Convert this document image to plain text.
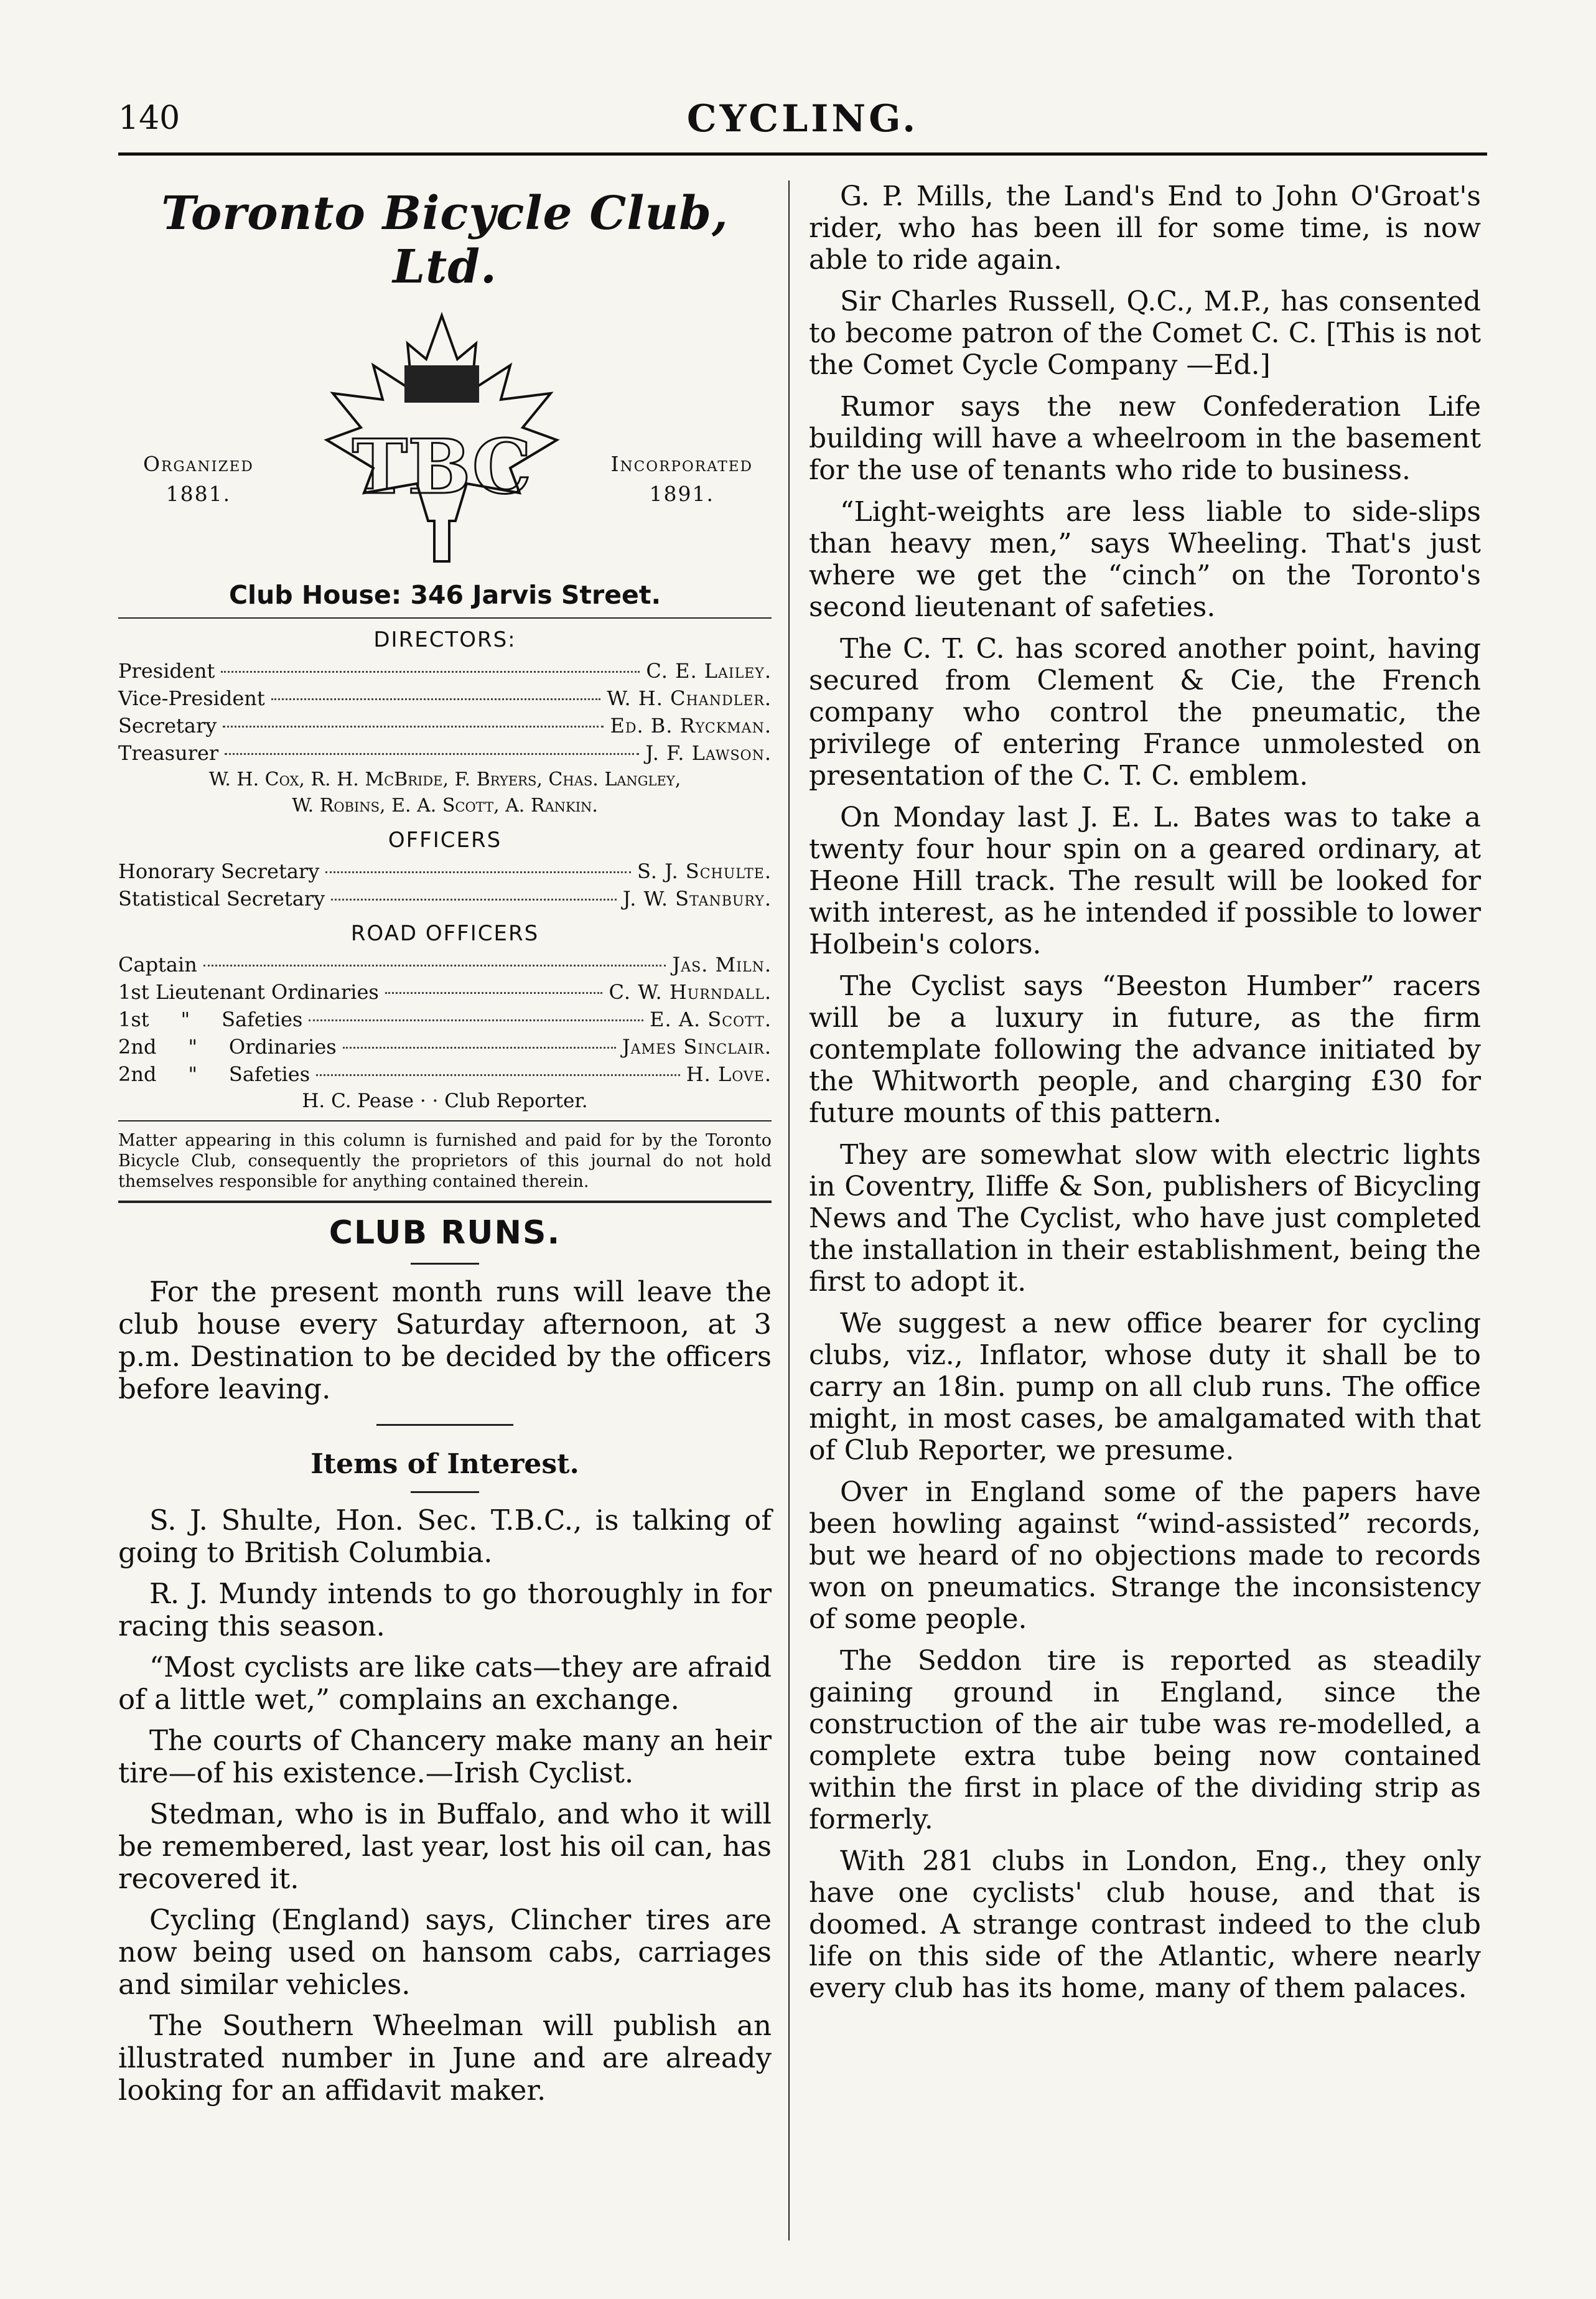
140	CYCLING.
Toronto Bicycle Club, Ltd.
Organized
1881.	TBC	Incorporated
1891.
Club House: 346 Jarvis Street.
DIRECTORS:
President	C. E. Lailey.
Vice-President	W. H. Chandler.
Secretary	Ed. B. Ryckman.
Treasurer	J. F. Lawson.
W. H. Cox, R. H. McBride, F. Bryers, Chas. Langley,
W. Robins, E. A. Scott, A. Rankin.
OFFICERS
Honorary Secretary	S. J. Schulte.
Statistical Secretary	J. W. Stanbury.
ROAD OFFICERS
Captain	Jas. Miln.
1st Lieutenant Ordinaries	C. W. Hurndall.
1st     "     Safeties	E. A. Scott.
2nd     "     Ordinaries	James Sinclair.
2nd     "     Safeties	H. Love.
H. C. Pease · · Club Reporter.
Matter appearing in this column is furnished and paid for by the Toronto Bicycle Club, consequently the proprietors of this journal do not hold themselves responsible for anything contained therein.
CLUB RUNS.

For the present month runs will leave the club house every Saturday afternoon, at 3 p.m. Destination to be decided by the officers before leaving.

Items of Interest.

S. J. Shulte, Hon. Sec. T.B.C., is talking of going to British Columbia.

R. J. Mundy intends to go thoroughly in for racing this season.

“Most cyclists are like cats—they are afraid of a little wet,” complains an exchange.

The courts of Chancery make many an heir tire—of his existence.—Irish Cyclist.

Stedman, who is in Buffalo, and who it will be remembered, last year, lost his oil can, has recovered it.

Cycling (England) says, Clincher tires are now being used on hansom cabs, carriages and similar vehicles.

The Southern Wheelman will publish an illustrated number in June and are already looking for an affidavit maker.

G. P. Mills, the Land's End to John O'Groat's rider, who has been ill for some time, is now able to ride again.

Sir Charles Russell, Q.C., M.P., has consented to become patron of the Comet C. C. [This is not the Comet Cycle Company —Ed.]

Rumor says the new Confederation Life building will have a wheelroom in the basement for the use of tenants who ride to business.

“Light-weights are less liable to side-slips than heavy men,” says Wheeling. That's just where we get the “cinch” on the Toronto's second lieutenant of safeties.

The C. T. C. has scored another point, having secured from Clement & Cie, the French company who control the pneumatic, the privilege of entering France unmolested on presentation of the C. T. C. emblem.

On Monday last J. E. L. Bates was to take a twenty four hour spin on a geared ordinary, at Heone Hill track. The result will be looked for with interest, as he intended if possible to lower Holbein's colors.

The Cyclist says “Beeston Humber” racers will be a luxury in future, as the firm contemplate following the advance initiated by the Whitworth people, and charging £30 for future mounts of this pattern.

They are somewhat slow with electric lights in Coventry, Iliffe & Son, publishers of Bicycling News and The Cyclist, who have just completed the installation in their establishment, being the first to adopt it.

We suggest a new office bearer for cycling clubs, viz., Inflator, whose duty it shall be to carry an 18in. pump on all club runs. The office might, in most cases, be amalgamated with that of Club Reporter, we presume.

Over in England some of the papers have been howling against “wind-assisted” records, but we heard of no objections made to records won on pneumatics. Strange the inconsistency of some people.

The Seddon tire is reported as steadily gaining ground in England, since the construction of the air tube was re-modelled, a complete extra tube being now contained within the first in place of the dividing strip as formerly.

With 281 clubs in London, Eng., they only have one cyclists' club house, and that is doomed. A strange contrast indeed to the club life on this side of the Atlantic, where nearly every club has its home, many of them palaces.
